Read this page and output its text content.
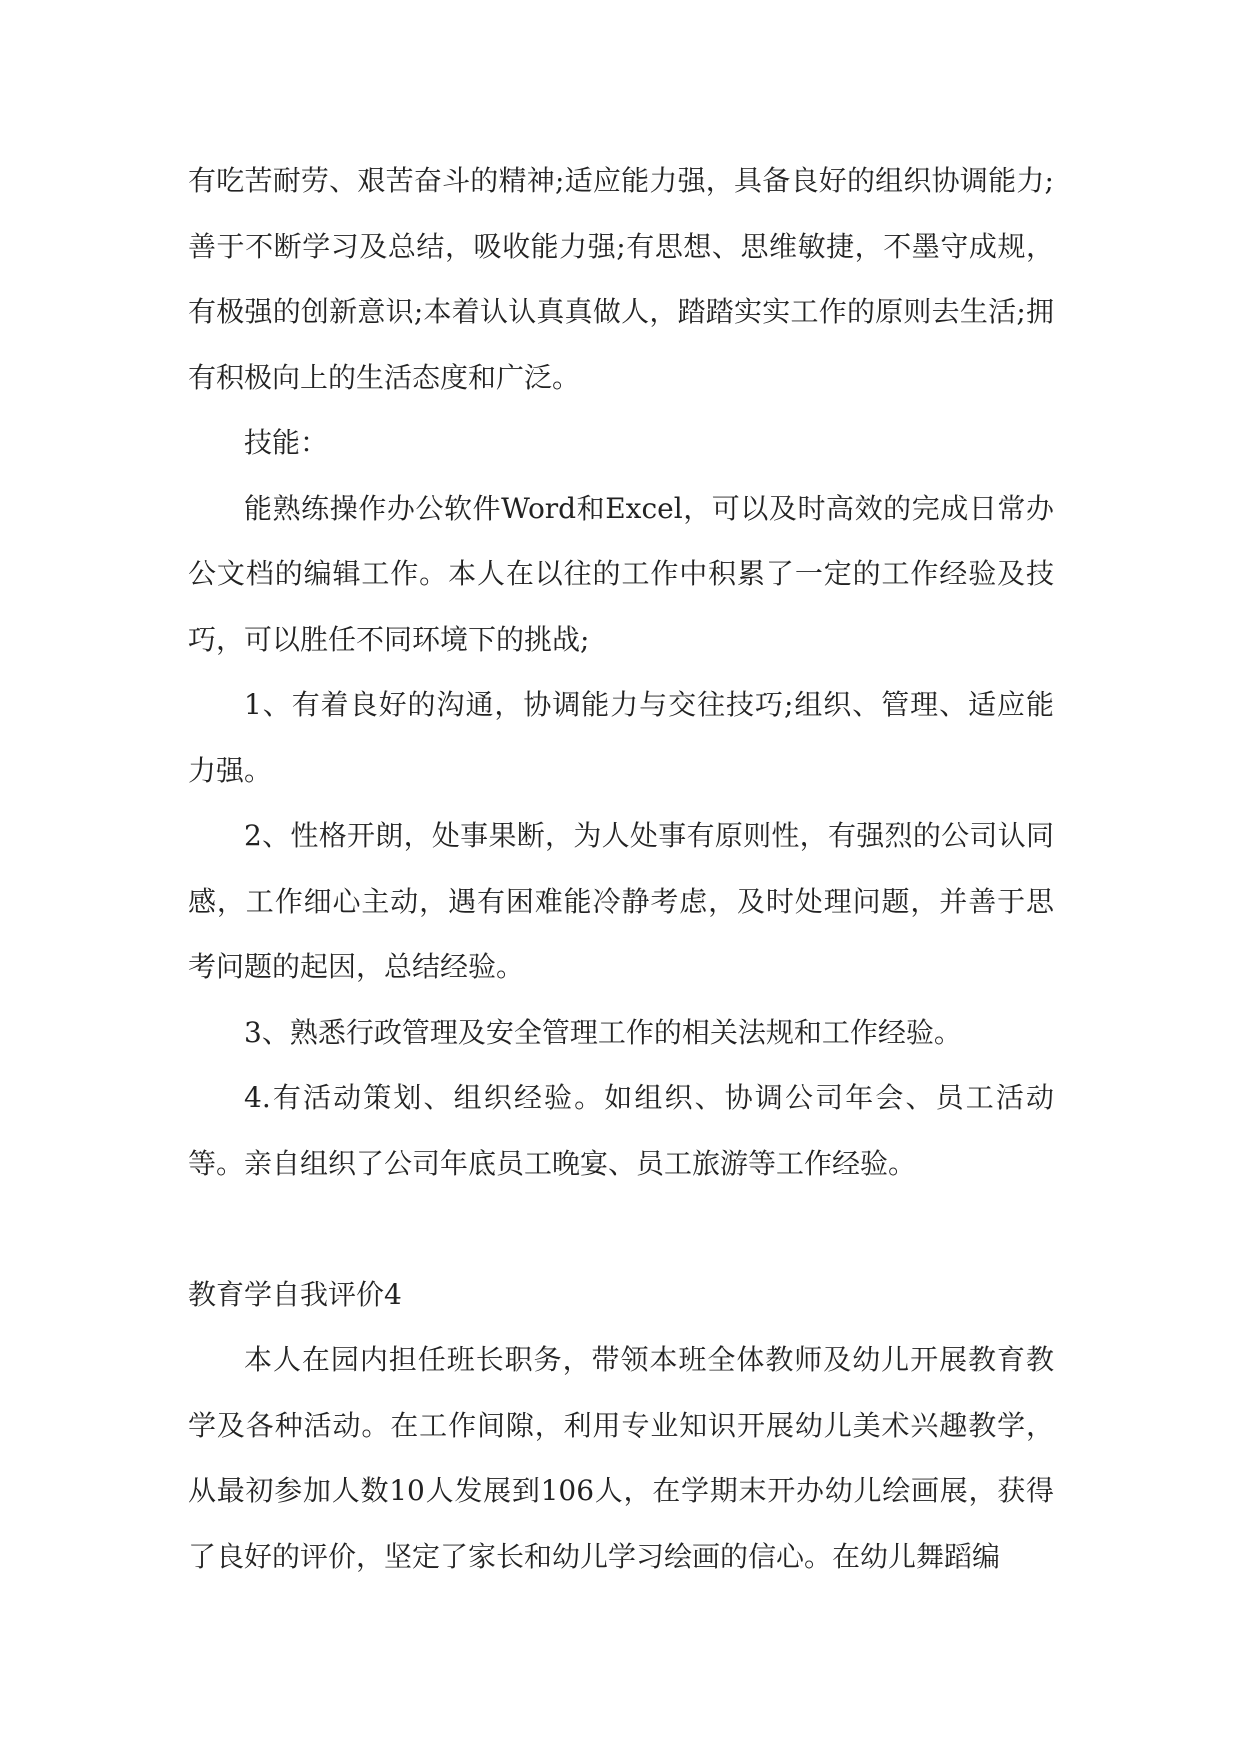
有吃苦耐劳、艰苦奋斗的精神;适应能力强，具备良好的组织协调能力;善于不断学习及总结，吸收能力强;有思想、思维敏捷，不墨守成规，有极强的创新意识;本着认认真真做人，踏踏实实工作的原则去生活;拥有积极向上的生活态度和广泛。

技能：

能熟练操作办公软件Word和Excel，可以及时高效的完成日常办公文档的编辑工作。本人在以往的工作中积累了一定的工作经验及技巧，可以胜任不同环境下的挑战;

1、有着良好的沟通，协调能力与交往技巧;组织、管理、适应能力强。

2、性格开朗，处事果断，为人处事有原则性，有强烈的公司认同感，工作细心主动，遇有困难能冷静考虑，及时处理问题，并善于思考问题的起因，总结经验。

3、熟悉行政管理及安全管理工作的相关法规和工作经验。

4.有活动策划、组织经验。如组织、协调公司年会、员工活动等。亲自组织了公司年底员工晚宴、员工旅游等工作经验。

教育学自我评价4

本人在园内担任班长职务，带领本班全体教师及幼儿开展教育教学及各种活动。在工作间隙，利用专业知识开展幼儿美术兴趣教学，从最初参加人数10人发展到106人，在学期末开办幼儿绘画展，获得了良好的评价，坚定了家长和幼儿学习绘画的信心。在幼儿舞蹈编
